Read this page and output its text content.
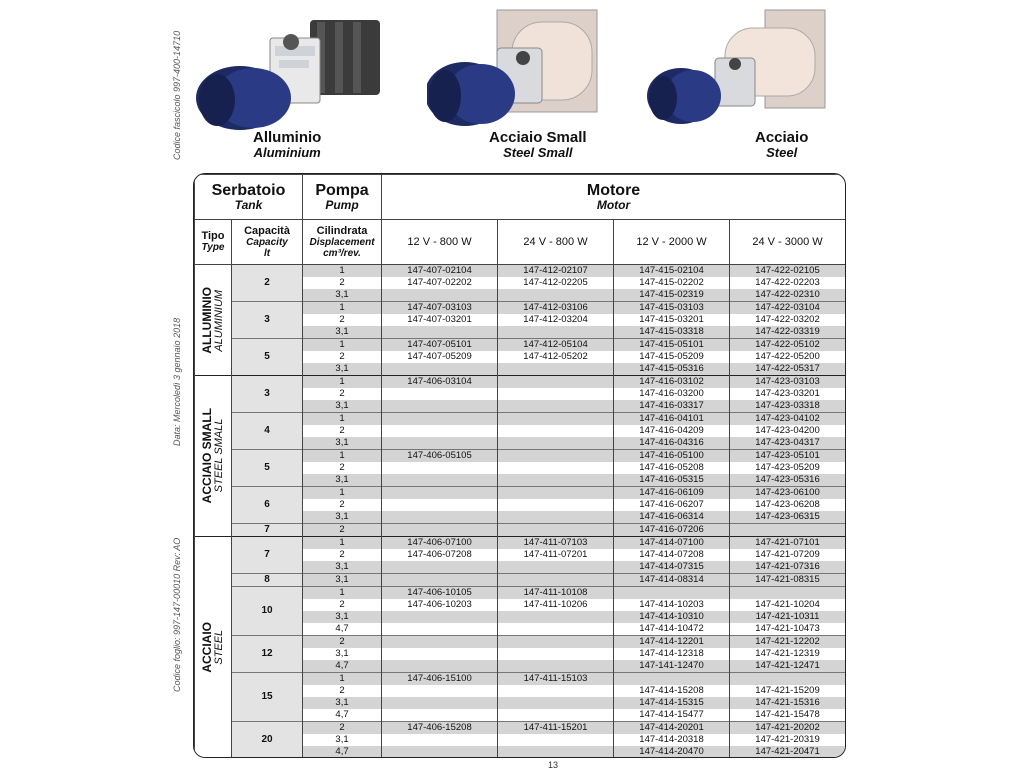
Codice fascicolo 997-400-14710
Data: Mercoledì 3 gennaio 2018
Codice foglio: 997-147-00010 Rev: AO
Alluminio
Aluminium
Acciaio Small
Steel Small
Acciaio
Steel
Serbatoio
Tank		Pompa
Pump	Motore
Motor			

Tipo
Type	Capacità
Capacity
lt	Cilindrata
Displacement
cm³/rev.	12 V - 800 W	24 V - 800 W	12 V - 2000 W	24 V - 3000 W

ALLUMINIO
ALUMINIUM	2	1	147-407-02104	147-412-02107	147-415-02104	147-422-02105
		2	147-407-02202	147-412-02205	147-415-02202	147-422-02203
		3,1			147-415-02319	147-422-02310
	3	1	147-407-03103	147-412-03106	147-415-03103	147-422-03104
		2	147-407-03201	147-412-03204	147-415-03201	147-422-03202
		3,1			147-415-03318	147-422-03319
	5	1	147-407-05101	147-412-05104	147-415-05101	147-422-05102
		2	147-407-05209	147-412-05202	147-415-05209	147-422-05200
		3,1			147-415-05316	147-422-05317

ACCIAIO SMALL
STEEL SMALL	3	1	147-406-03104		147-416-03102	147-423-03103
		2			147-416-03200	147-423-03201
		3,1			147-416-03317	147-423-03318
	4	1			147-416-04101	147-423-04102
		2			147-416-04209	147-423-04200
		3,1			147-416-04316	147-423-04317
	5	1	147-406-05105		147-416-05100	147-423-05101
		2			147-416-05208	147-423-05209
		3,1			147-416-05315	147-423-05316
	6	1			147-416-06109	147-423-06100
		2			147-416-06207	147-423-06208
		3,1			147-416-06314	147-423-06315
	7	2			147-416-07206	

ACCIAIO
STEEL	7	1	147-406-07100	147-411-07103	147-414-07100	147-421-07101
		2	147-406-07208	147-411-07201	147-414-07208	147-421-07209
		3,1			147-414-07315	147-421-07316
	8	3,1			147-414-08314	147-421-08315
	10	1	147-406-10105	147-411-10108		
		2	147-406-10203	147-411-10206	147-414-10203	147-421-10204
		3,1			147-414-10310	147-421-10311
		4,7			147-414-10472	147-421-10473
	12	2			147-414-12201	147-421-12202
		3,1			147-414-12318	147-421-12319
		4,7			147-141-12470	147-421-12471
	15	1	147-406-15100	147-411-15103		
		2			147-414-15208	147-421-15209
		3,1			147-414-15315	147-421-15316
		4,7			147-414-15477	147-421-15478
	20	2	147-406-15208	147-411-15201	147-414-20201	147-421-20202
		3,1			147-414-20318	147-421-20319
		4,7			147-414-20470	147-421-20471
13
